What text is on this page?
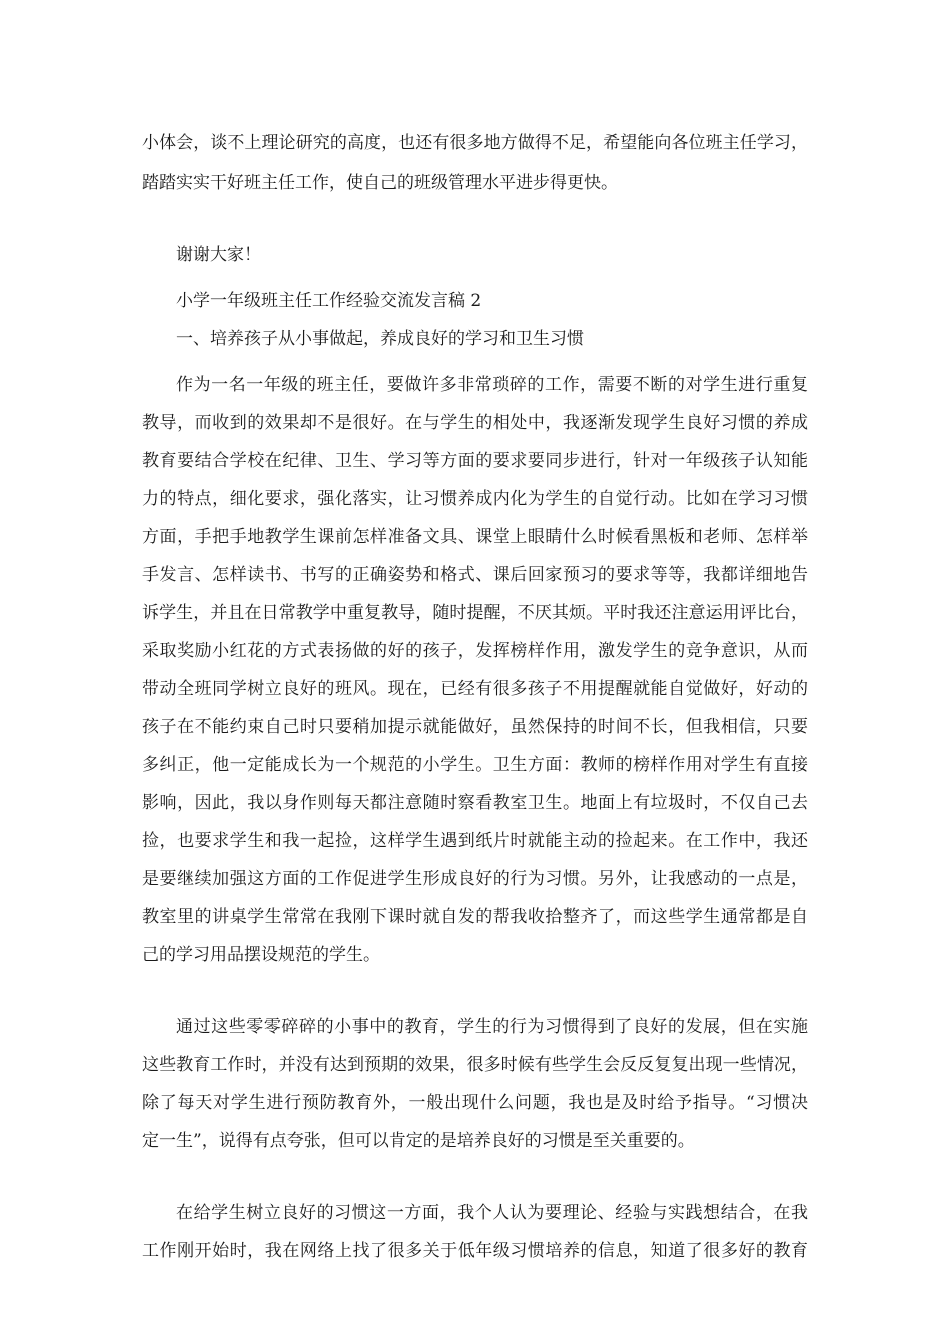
小体会，谈不上理论研究的高度，也还有很多地方做得不足，希望能向各位班主任学习，
踏踏实实干好班主任工作，使自己的班级管理水平进步得更快。
谢谢大家！
小学一年级班主任工作经验交流发言稿 2
一、培养孩子从小事做起，养成良好的学习和卫生习惯
作为一名一年级的班主任，要做许多非常琐碎的工作，需要不断的对学生进行重复
教导，而收到的效果却不是很好。在与学生的相处中，我逐渐发现学生良好习惯的养成
教育要结合学校在纪律、卫生、学习等方面的要求要同步进行，针对一年级孩子认知能
力的特点，细化要求，强化落实，让习惯养成内化为学生的自觉行动。比如在学习习惯
方面，手把手地教学生课前怎样准备文具、课堂上眼睛什么时候看黑板和老师、怎样举
手发言、怎样读书、书写的正确姿势和格式、课后回家预习的要求等等，我都详细地告
诉学生，并且在日常教学中重复教导，随时提醒，不厌其烦。平时我还注意运用评比台，
采取奖励小红花的方式表扬做的好的孩子，发挥榜样作用，激发学生的竞争意识，从而
带动全班同学树立良好的班风。现在，已经有很多孩子不用提醒就能自觉做好，好动的
孩子在不能约束自己时只要稍加提示就能做好，虽然保持的时间不长，但我相信，只要
多纠正，他一定能成长为一个规范的小学生。卫生方面：教师的榜样作用对学生有直接
影响，因此，我以身作则每天都注意随时察看教室卫生。地面上有垃圾时，不仅自己去
捡，也要求学生和我一起捡，这样学生遇到纸片时就能主动的捡起来。在工作中，我还
是要继续加强这方面的工作促进学生形成良好的行为习惯。另外，让我感动的一点是，
教室里的讲桌学生常常在我刚下课时就自发的帮我收拾整齐了，而这些学生通常都是自
己的学习用品摆设规范的学生。
通过这些零零碎碎的小事中的教育，学生的行为习惯得到了良好的发展，但在实施
这些教育工作时，并没有达到预期的效果，很多时候有些学生会反反复复出现一些情况，
除了每天对学生进行预防教育外，一般出现什么问题，我也是及时给予指导。“习惯决
定一生”，说得有点夸张，但可以肯定的是培养良好的习惯是至关重要的。
在给学生树立良好的习惯这一方面，我个人认为要理论、经验与实践想结合，在我
工作刚开始时，我在网络上找了很多关于低年级习惯培养的信息，知道了很多好的教育
